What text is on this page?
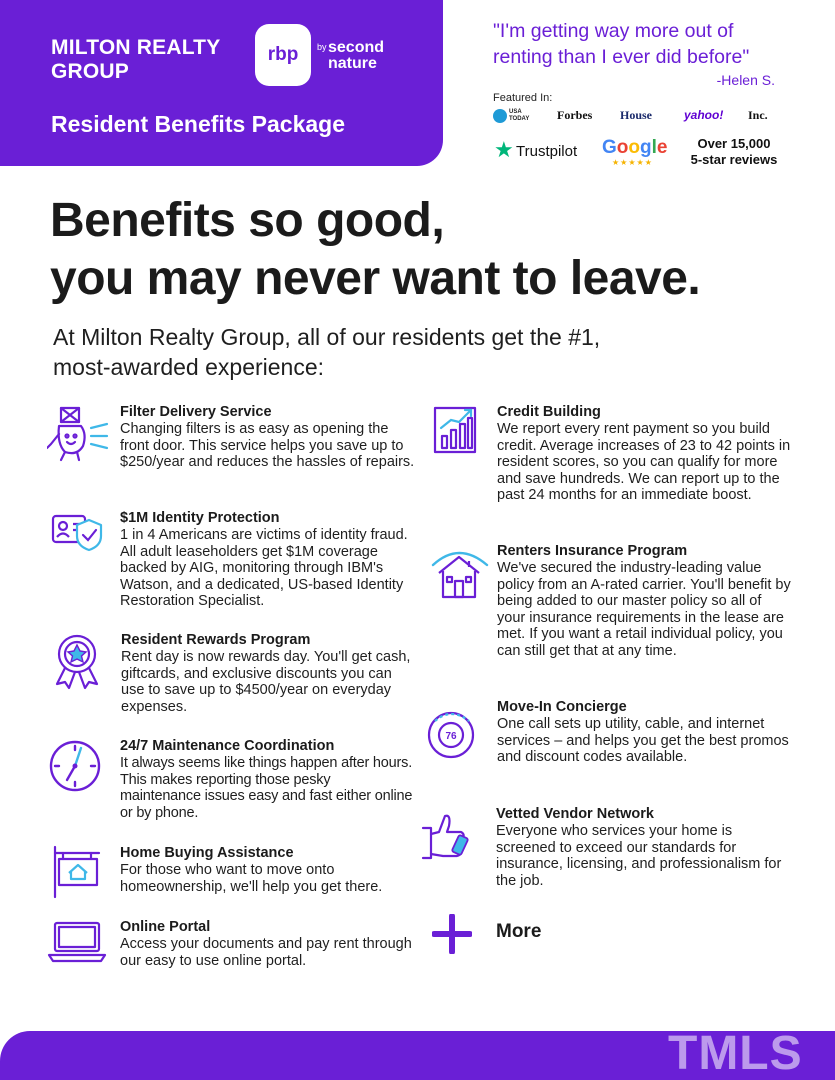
MILTON REALTY
GROUP
rbp by second
nature
Resident Benefits Package
"I'm getting way more out of renting than I ever did before"
-Helen S.
Featured In:
USA TODAY	Forbes House	yahoo! Inc.
★ Trustpilot Google
★★★★★
Over 15,000
5-star reviews
Benefits so good,
you may never want to leave.
At Milton Realty Group, all of our residents get the #1,
most-awarded experience:
Filter Delivery Service
Changing filters is as easy as opening the front door. This service helps you save up to $250/year and reduces the hassles of repairs.
$1M Identity Protection
1 in 4 Americans are victims of identity fraud. All adult leaseholders get $1M coverage backed by AIG, monitoring through IBM's Watson, and a dedicated, US-based Identity Restoration Specialist.
Resident Rewards Program
Rent day is now rewards day. You'll get cash, giftcards, and exclusive discounts you can use to save up to $4500/year on everyday expenses.
24/7 Maintenance Coordination
It always seems like things happen after hours. This makes reporting those pesky maintenance issues easy and fast either online or by phone.
Home Buying Assistance
For those who want to move onto homeownership, we'll help you get there.
Online Portal
Access your documents and pay rent through our easy to use online portal.
Credit Building
We report every rent payment so you build credit. Average increases of 23 to 42 points in resident scores, so you can qualify for more and save hundreds. We can report up to the past 24 months for an immediate boost.
Renters Insurance Program
We've secured the industry-leading value policy from an A-rated carrier. You'll benefit by being added to our master policy so all of your insurance requirements in the lease are met. If you want a retail individual policy, you can still get that at any time.
76
Move-In Concierge
One call sets up utility, cable, and internet services – and helps you get the best promos and discount codes available.
Vetted Vendor Network
Everyone who services your home is screened to exceed our standards for insurance, licensing, and professionalism for the job.
More
TMLS
